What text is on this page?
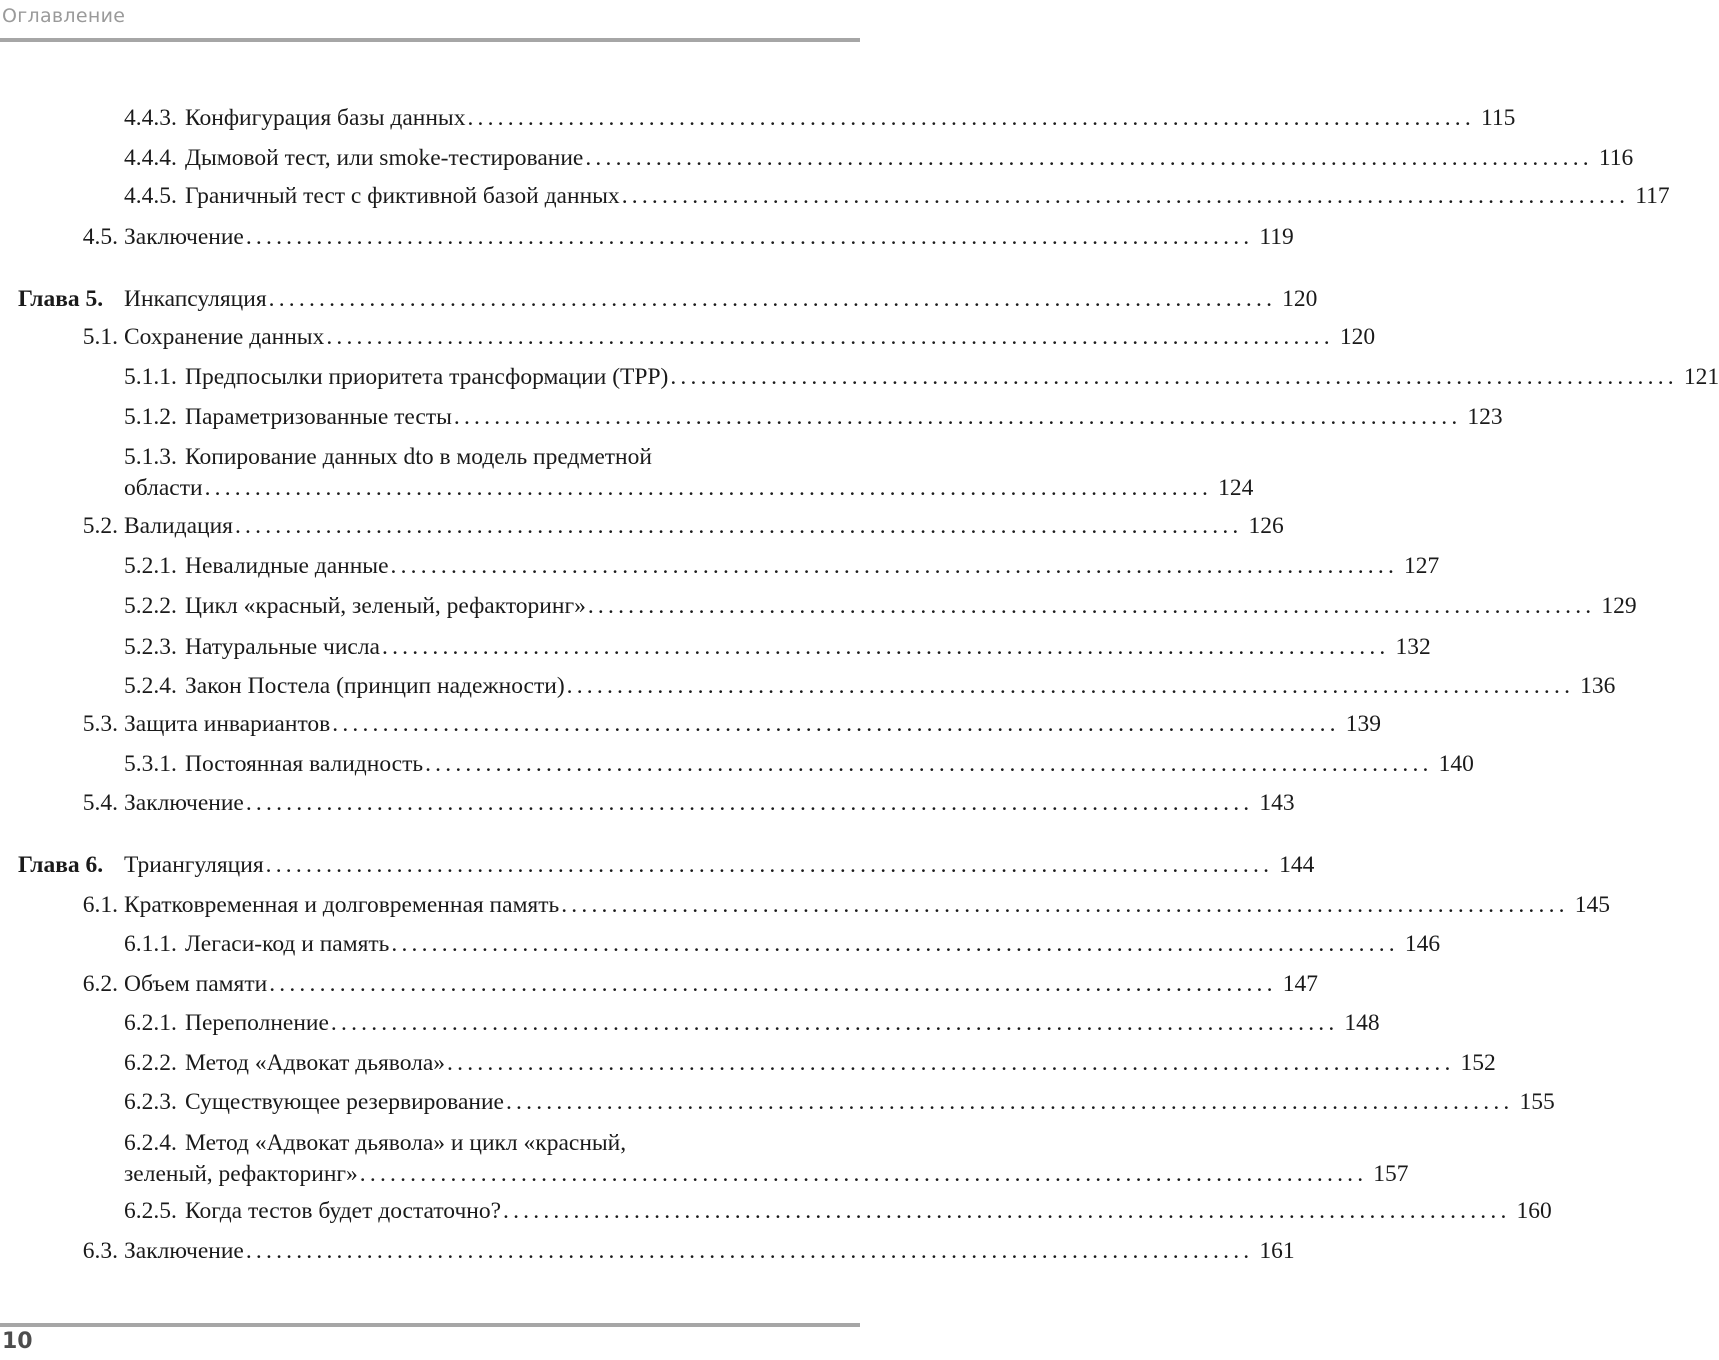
Оглавление
4.4.3. Конфигурация базы данных .................................................................................................... 115
4.4.4. Дымовой тест, или smoke-тестирование .................................................................................................... 116
4.4.5. Граничный тест с фиктивной базой данных .................................................................................................... 117
4.5. Заключение .................................................................................................... 119
Глава 5. Инкапсуляция .................................................................................................... 120
5.1. Сохранение данных .................................................................................................... 120
5.1.1. Предпосылки приоритета трансформации (TPP) .................................................................................................... 121
5.1.2. Параметризованные тесты .................................................................................................... 123
5.1.3. Копирование данных dto в модель предметной
области .................................................................................................... 124
5.2. Валидация .................................................................................................... 126
5.2.1. Невалидные данные .................................................................................................... 127
5.2.2. Цикл «красный, зеленый, рефакторинг» .................................................................................................... 129
5.2.3. Натуральные числа .................................................................................................... 132
5.2.4. Закон Постела (принцип надежности) .................................................................................................... 136
5.3. Защита инвариантов .................................................................................................... 139
5.3.1. Постоянная валидность .................................................................................................... 140
5.4. Заключение .................................................................................................... 143
Глава 6. Триангуляция .................................................................................................... 144
6.1. Кратковременная и долговременная память .................................................................................................... 145
6.1.1. Легаси-код и память .................................................................................................... 146
6.2. Объем памяти .................................................................................................... 147
6.2.1. Переполнение .................................................................................................... 148
6.2.2. Метод «Адвокат дьявола» .................................................................................................... 152
6.2.3. Существующее резервирование .................................................................................................... 155
6.2.4. Метод «Адвокат дьявола» и цикл «красный,
зеленый, рефакторинг» .................................................................................................... 157
6.2.5. Когда тестов будет достаточно? .................................................................................................... 160
6.3. Заключение .................................................................................................... 161
10
